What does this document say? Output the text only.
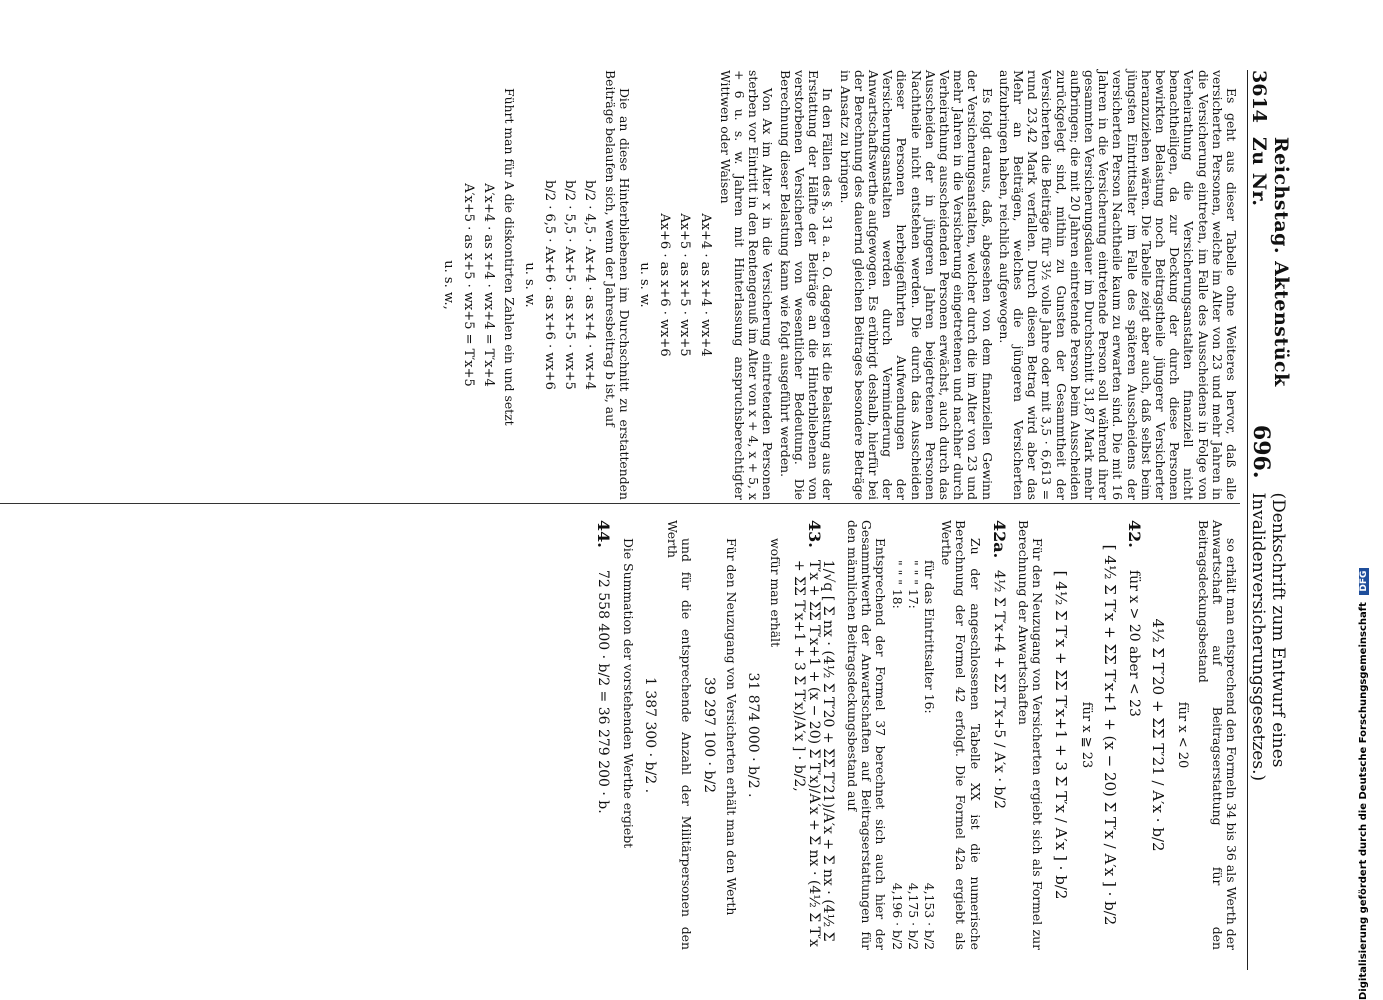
3614
Reichstag. Aktenstück Zu Nr.
696.
(Denkschrift zum Entwurf eines Invalidenversicherungsgesetzes.)

Es geht aus dieser Tabelle ohne Weiteres hervor, daß alle versicherten Personen, welche im Alter von 23 und mehr Jahren in die Versicherung eintreten, im Falle des Ausscheidens in Folge von Verheirathung die Versicherungsanstalten finanziell nicht benachtheiligen, da zur Deckung der durch diese Personen bewirkten Belastung noch Beitragstheile jüngerer Versicherter heranzuziehen wären. Die Tabelle zeigt aber auch, daß selbst beim jüngsten Eintrittsalter im Falle des späteren Ausscheidens der versicherten Person Nachtheile kaum zu erwarten sind. Die mit 16 Jahren in die Versicherung eintretende Person soll während ihrer gesammten Versicherungsdauer im Durchschnitt 31,87 Mark mehr aufbringen; die mit 20 Jahren eintretende Person beim Ausscheiden zurückgelegt sind, mithin zu Gunsten der Gesammtheit der Versicherten die Beiträge für 3½ volle Jahre oder mit 3,5 · 6,613 = rund 23,42 Mark verfallen. Durch diesen Betrag wird aber das Mehr an Beiträgen, welches die jüngeren Versicherten aufzubringen haben, reichlich aufgewogen.

Es folgt daraus, daß, abgesehen von dem finanziellen Gewinn der Versicherungsanstalten, welcher durch die im Alter von 23 und mehr Jahren in die Versicherung eingetretenen und nachher durch Verheirathung ausscheidenden Personen erwächst, auch durch das Ausscheiden der in jüngeren Jahren beigetretenen Personen Nachtheile nicht entstehen werden. Die durch das Ausscheiden dieser Personen herbeigeführten Aufwendungen der Versicherungsanstalten werden durch Verminderung der Anwartschaftswerthe aufgewogen. Es erübrigt deshalb, hierfür bei der Berechnung des dauernd gleichen Beitrages besondere Beträge in Ansatz zu bringen.

In den Fällen des §. 31 a. a. O. dagegen ist die Belastung aus der Erstattung der Hälfte der Beiträge an die Hinterbliebenen von verstorbenen Versicherten von wesentlicher Bedeutung. Die Berechnung dieser Belastung kann wie folgt ausgeführt werden.

Von Ax im Alter x in die Versicherung eintretenden Personen sterben vor Eintritt in den Rentengenuß im Alter von x + 4, x + 5, x + 6 u. s. w. Jahren mit Hinterlassung anspruchsberechtigter Wittwen oder Waisen

Ax+4 · as x+4 · wx+4
Ax+5 · as x+5 · wx+5
Ax+6 · as x+6 · wx+6
u. s. w.

Die an diese Hinterbliebenen im Durchschnitt zu erstattenden Beiträge belaufen sich, wenn der Jahresbeitrag b ist, auf

b/2 · 4,5 · Ax+4 · as x+4 · wx+4
b/2 · 5,5 · Ax+5 · as x+5 · wx+5
b/2 · 6,5 · Ax+6 · as x+6 · wx+6
u. s. w.

Führt man für A die diskontirten Zahlen ein und setzt

A′x+4 · as x+4 · wx+4 = T′x+4
A′x+5 · as x+5 · wx+5 = T′x+5
u. s. w.,

so erhält man entsprechend den Formeln 34 bis 36 als Werth der Anwartschaft auf Beitragserstattung für den Beitragsdeckungsbestand

für x < 20
4½ Σ T′20 + ΣΣ T′21 / A′x · b/2
42.
für x > 20 aber < 23
[ 4½ Σ T′x + ΣΣ T′x+1 + (x − 20) Σ T′x / A′x ] · b/2
für x ≧ 23
[ 4½ Σ T′x + ΣΣ T′x+1 + 3 Σ T′x / A′x ] · b/2

Für den Neuzugang von Versicherten ergiebt sich als Formel zur Berechnung der Anwartschaften

42a.
4½ Σ T′x+4 + ΣΣ T′x+5 / A′x · b/2

Zu der angeschlossenen Tabelle XX ist die numerische Berechnung der Formel 42 erfolgt. Die Formel 42a ergiebt als Werthe

für das Eintrittsalter 16:
4,153 · b/2
" " " 17:
4,175 · b/2
" " " 18:
4,196 · b/2

Entsprechend der Formel 37 berechnet sich auch hier der Gesammtwerth der Anwartschaften auf Beitragserstattungen für den männlichen Beitragsdeckungsbestand auf

43.
1/√q [ Σ nx · (4½ Σ T′20 + ΣΣ T′21)/A′x + Σ nx · (4½ Σ T′x + ΣΣ T′x+1 + (x − 20) Σ T′x)/A′x + Σ nx · (4½ Σ T′x + ΣΣ T′x+1 + 3 Σ T′x)/A′x ] · b/2,

wofür man erhält

31 874 000 · b/2 .

Für den Neuzugang von Versicherten erhält man den Werth

39 297 100 · b/2

und für die entsprechende Anzahl der Militärpersonen den Werth

1 387 300 · b/2 .

Die Summation der vorstehenden Werthe ergiebt

44.
72 558 400 · b/2 = 36 279 200 · b.	Digitalisierung gefördert durch die Deutsche Forschungsgemeinschaft DFG
